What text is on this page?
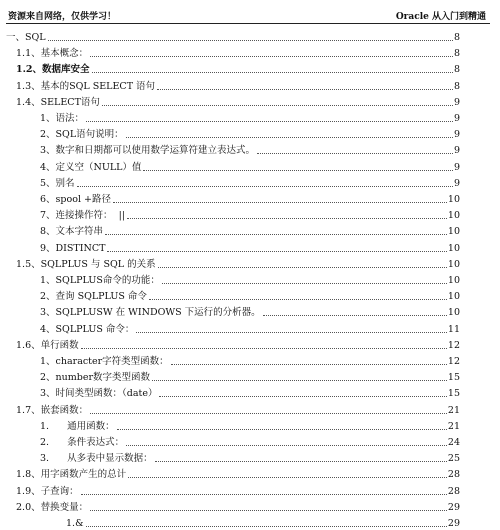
资源来自网络，仅供学习！	Oracle 从入门到精通
一、SQL	8
1.1、基本概念：	8
1.2、数据库安全	8
1.3、基本的SQL SELECT 语句	8
1.4、SELECT语句	9
1、语法：	9
2、SQL语句说明：	9
3、数字和日期都可以使用数学运算符建立表达式。	9
4、定义空（NULL）值	9
5、别名	9
6、spool +路径	10
7、连接操作符：  ||	10
8、文本字符串	10
9、DISTINCT	10
1.5、SQLPLUS 与 SQL 的关系	10
1、SQLPLUS命令的功能：	10
2、查询 SQLPLUS 命令	10
3、SQLPLUSW 在 WINDOWS 下运行的分析器。	10
4、SQLPLUS 命令：	11
1.6、单行函数	12
1、character字符类型函数：	12
2、number数字类型函数	15
3、时间类型函数：（date）	15
1.7、嵌套函数：	21
1.      通用函数：	21
2.      条件表达式：	24
3.      从多表中显示数据：	25
1.8、用字函数产生的总计	28
1.9、子查询：	28
2.0、替换变量：	29
1.&	29
